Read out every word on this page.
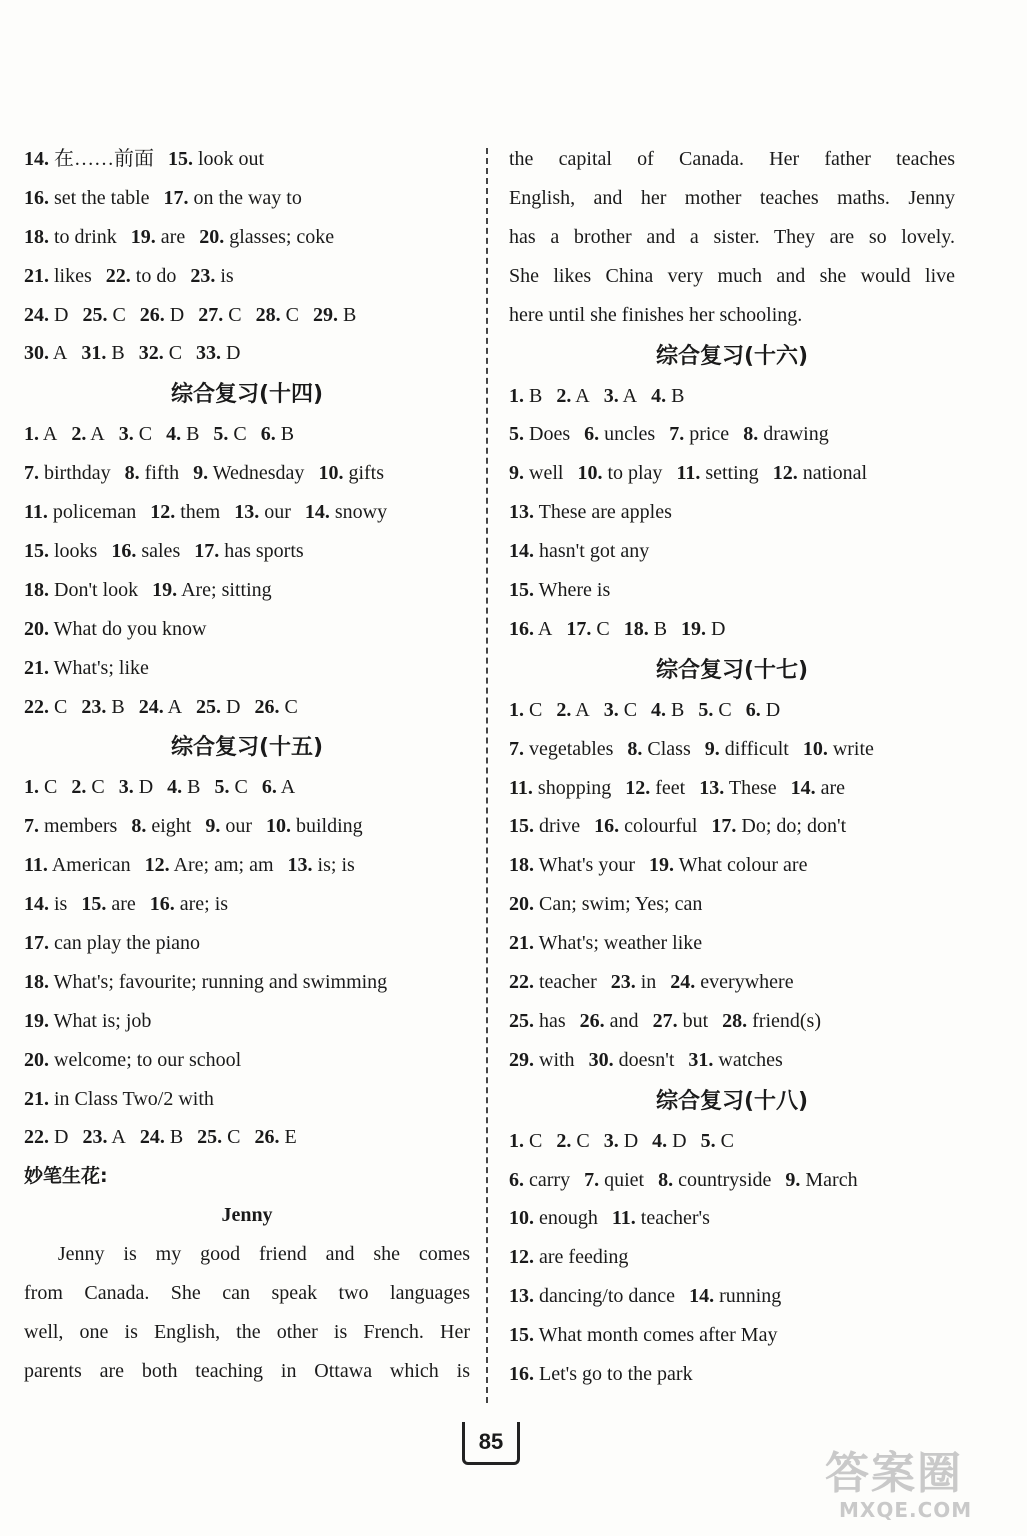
14. 在……前面 15. look out
16. set the table 17. on the way to
18. to drink 19. are 20. glasses; coke
21. likes 22. to do 23. is
24. D 25. C 26. D 27. C 28. C 29. B
30. A 31. B 32. C 33. D
综合复习(十四)
1. A 2. A 3. C 4. B 5. C 6. B
7. birthday 8. fifth 9. Wednesday 10. gifts
11. policeman 12. them 13. our 14. snowy
15. looks 16. sales 17. has sports
18. Don't look 19. Are; sitting
20. What do you know
21. What's; like
22. C 23. B 24. A 25. D 26. C
综合复习(十五)
1. C 2. C 3. D 4. B 5. C 6. A
7. members 8. eight 9. our 10. building
11. American 12. Are; am; am 13. is; is
14. is 15. are 16. are; is
17. can play the piano
18. What's; favourite; running and swimming
19. What is; job
20. welcome; to our school
21. in Class Two/2 with
22. D 23. A 24. B 25. C 26. E
妙笔生花:
Jenny
　Jenny is my good friend and she comes
from Canada. She can speak two languages
well, one is English, the other is French. Her
parents are both teaching in Ottawa which is
the capital of Canada. Her father teaches
English, and her mother teaches maths. Jenny
has a brother and a sister. They are so lovely.
She likes China very much and she would live
here until she finishes her schooling.
综合复习(十六)
1. B 2. A 3. A 4. B
5. Does 6. uncles 7. price 8. drawing
9. well 10. to play 11. setting 12. national
13. These are apples
14. hasn't got any
15. Where is
16. A 17. C 18. B 19. D
综合复习(十七)
1. C 2. A 3. C 4. B 5. C 6. D
7. vegetables 8. Class 9. difficult 10. write
11. shopping 12. feet 13. These 14. are
15. drive 16. colourful 17. Do; do; don't
18. What's your 19. What colour are
20. Can; swim; Yes; can
21. What's; weather like
22. teacher 23. in 24. everywhere
25. has 26. and 27. but 28. friend(s)
29. with 30. doesn't 31. watches
综合复习(十八)
1. C 2. C 3. D 4. D 5. C
6. carry 7. quiet 8. countryside 9. March
10. enough 11. teacher's
12. are feeding
13. dancing/to dance 14. running
15. What month comes after May
16. Let's go to the park
85
答案圈
MXQE.COM
